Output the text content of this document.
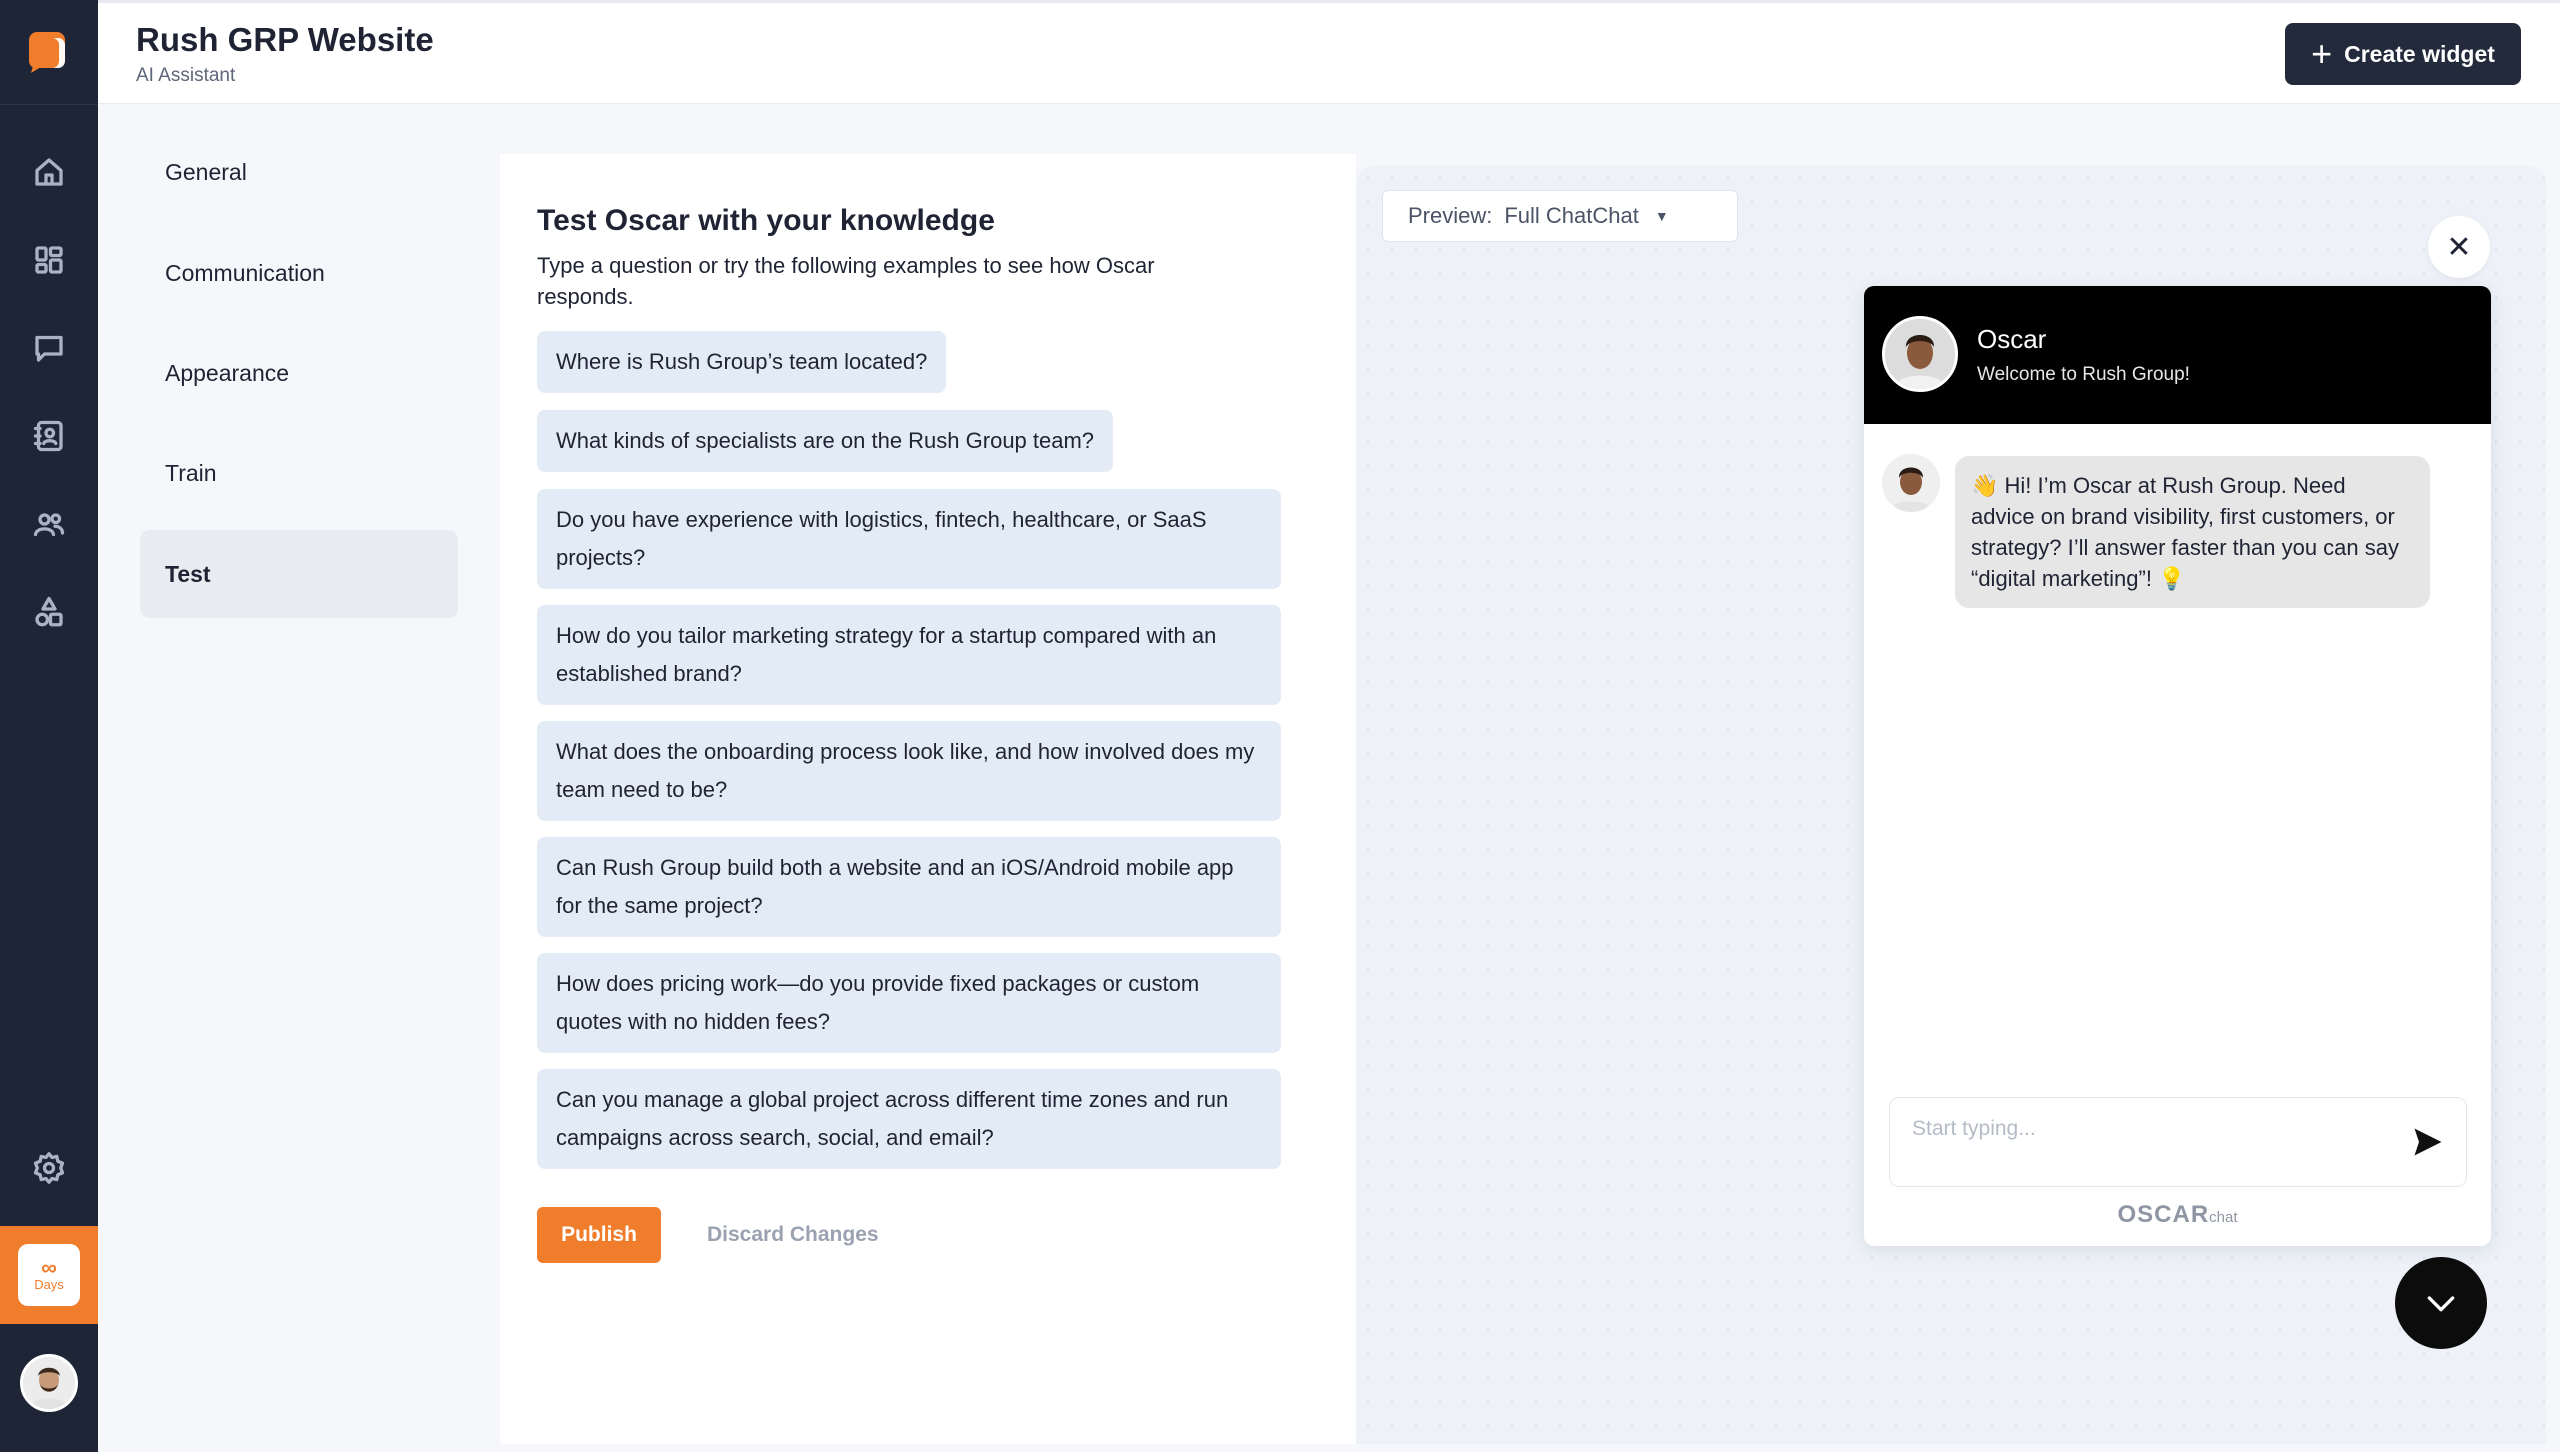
∞
Days
Rush GRP Website
AI Assistant
+ Create widget
General
Communication
Appearance
Train
Test
Test Oscar with your knowledge
Type a question or try the following examples to see how Oscar responds.
Where is Rush Group’s team located?
What kinds of specialists are on the Rush Group team?
Do you have experience with logistics, fintech, healthcare, or SaaS projects?
How do you tailor marketing strategy for a startup compared with an established brand?
What does the onboarding process look like, and how involved does my team need to be?
Can Rush Group build both a website and an iOS/Android mobile app for the same project?
How does pricing work—do you provide fixed packages or custom quotes with no hidden fees?
Can you manage a global project across different time zones and run campaigns across search, social, and email?
Publish	Discard Changes
Preview: Full ChatChat ▼
✕
Oscar
Welcome to Rush Group!
👋 Hi! I’m Oscar at Rush Group. Need advice on brand visibility, first customers, or strategy? I’ll answer faster than you can say “digital marketing”! 💡
Start typing...
OSCARchat
